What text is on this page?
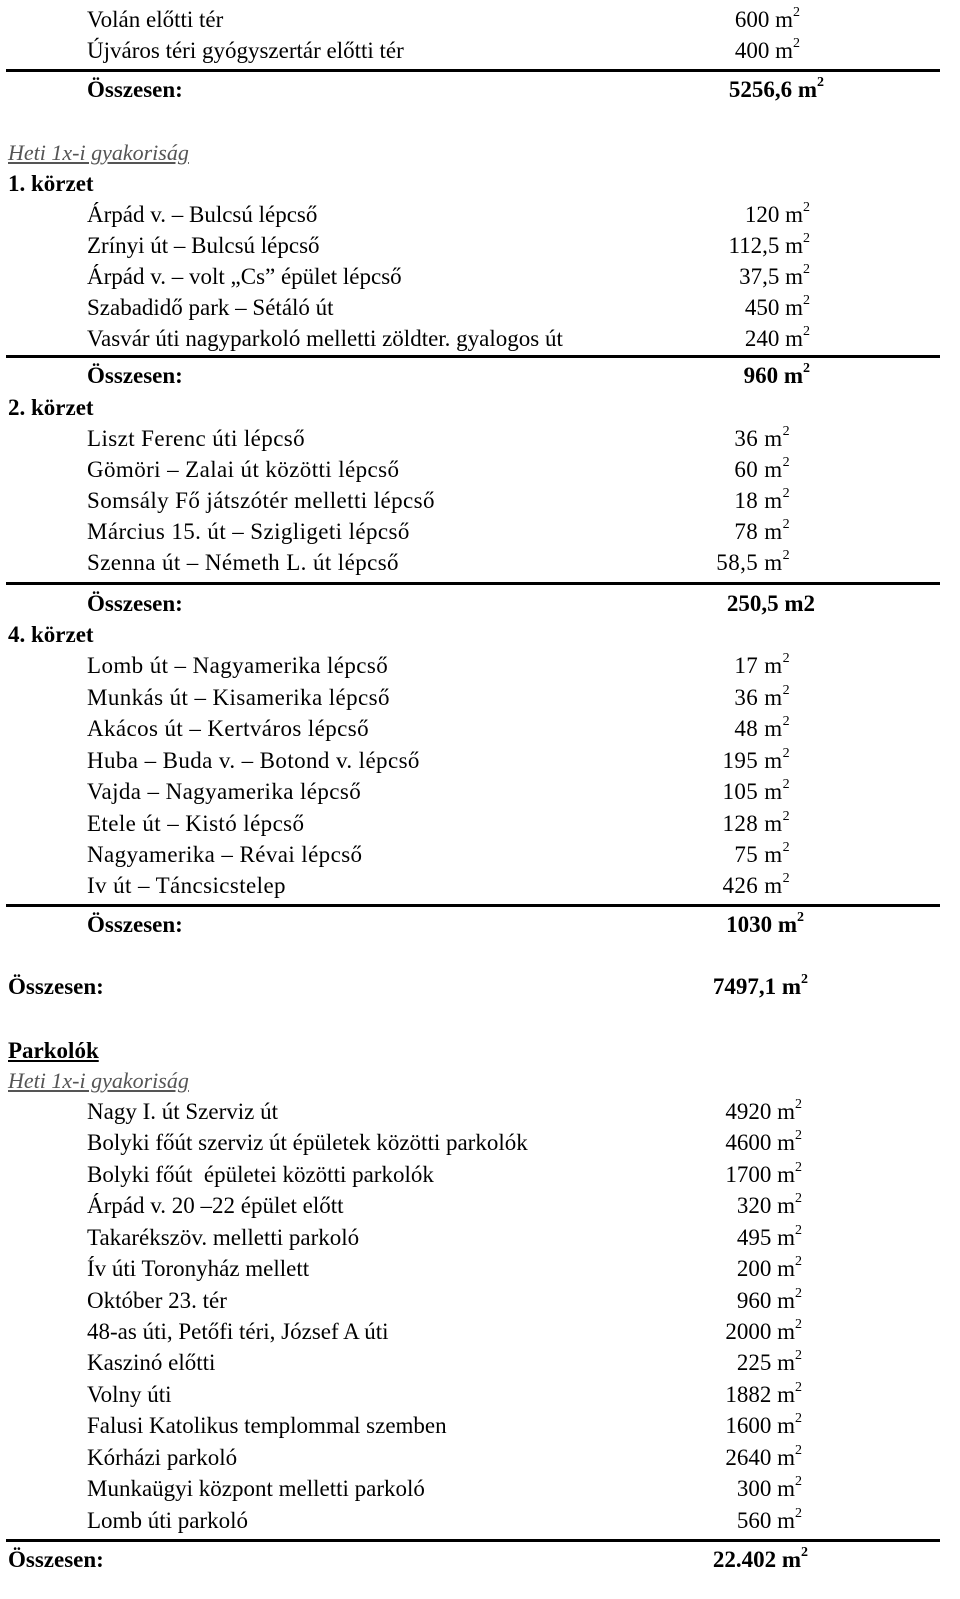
Volán előtti tér	600 $m^2$
Újváros téri gyógyszertár előtti tér	400 $m^2$
Összesen:	5256,6 $m^2$
Heti 1x-i gyakoriság
1. körzet
Árpád v. – Bulcsú lépcső	120 $m^2$
Zrínyi út – Bulcsú lépcső	112,5 $m^2$
Árpád v. – volt „Cs” épület lépcső	37,5 $m^2$
Szabadidő park – Sétáló út	450 $m^2$
Vasvár úti nagyparkoló melletti zöldter. gyalogos út	240 $m^2$
Összesen:	960 $m^2$
2. körzet
Liszt Ferenc úti lépcső	36 $m^2$
Gömöri – Zalai út közötti lépcső	60 $m^2$
Somsály Fő játszótér melletti lépcső	18 $m^2$
Március 15. út – Szigligeti lépcső	78 $m^2$
Szenna út – Németh L. út lépcső	58,5 $m^2$
Összesen:	250,5 m2
4. körzet
Lomb út – Nagyamerika lépcső	17 $m^2$
Munkás út – Kisamerika lépcső	36 $m^2$
Akácos út – Kertváros lépcső	48 $m^2$
Huba – Buda v. – Botond v. lépcső	195 $m^2$
Vajda – Nagyamerika lépcső	105 $m^2$
Etele út – Kistó lépcső	128 $m^2$
Nagyamerika – Révai lépcső	75 $m^2$
Iv út – Táncsicstelep	426 $m^2$
Összesen:	1030 $m^2$
Összesen:	7497,1 $m^2$
Parkolók
Heti 1x-i gyakoriság
Nagy I. út Szerviz út	4920 $m^2$
Bolyki főút szerviz út épületek közötti parkolók	4600 $m^2$
Bolyki főút  épületei közötti parkolók	1700 $m^2$
Árpád v. 20 –22 épület előtt	320 $m^2$
Takarékszöv. melletti parkoló	495 $m^2$
Ív úti Toronyház mellett	200 $m^2$
Október 23. tér	960 $m^2$
48-as úti, Petőfi téri, József A úti	2000 $m^2$
Kaszinó előtti	225 $m^2$
Volny úti	1882 $m^2$
Falusi Katolikus templommal szemben	1600 $m^2$
Kórházi parkoló	2640 $m^2$
Munkaügyi központ melletti parkoló	300 $m^2$
Lomb úti parkoló	560 $m^2$
Összesen:	22.402 $m^2$
